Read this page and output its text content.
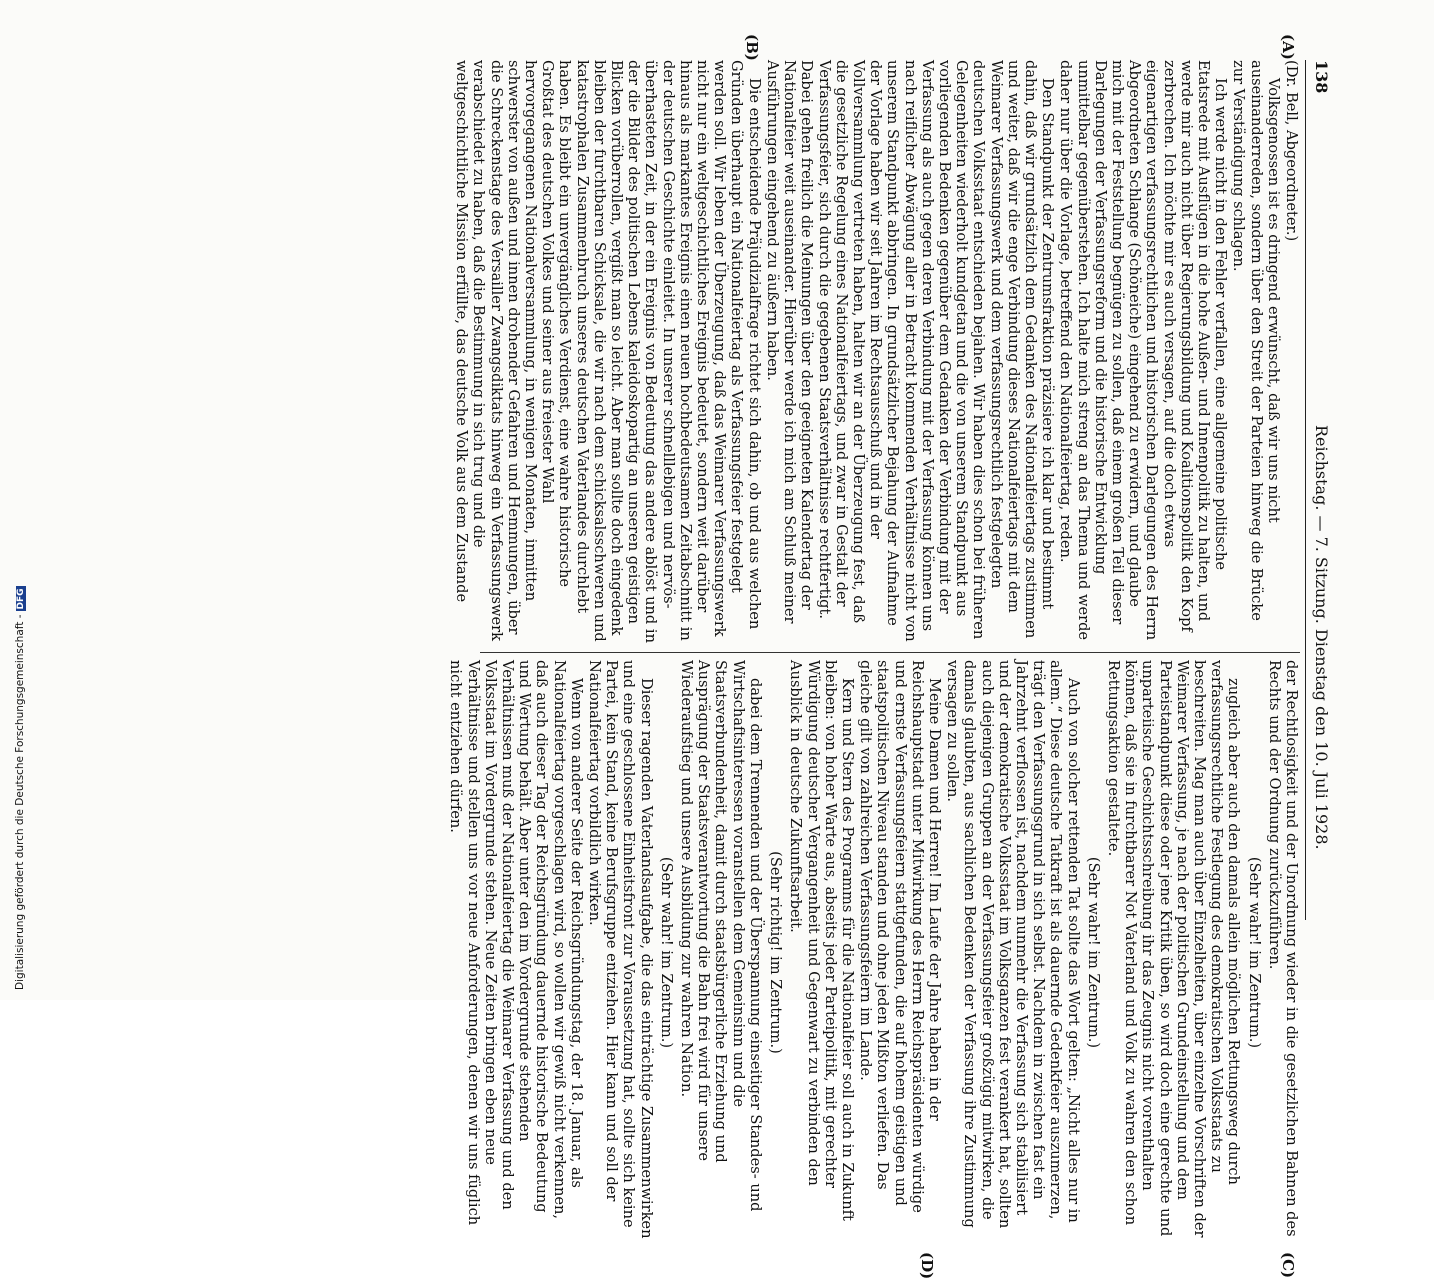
138
Reichstag. — 7. Sitzung. Dienstag den 10. Juli 1928.
(A)
(B)
(C)
(D)

(Dr. Bell, Abgeordneter.)

Volksgenossen ist es dringend erwünscht, daß wir uns nicht auseinanderreden, sondern über den Streit der Parteien hinweg die Brücke zur Verständigung schlagen.

Ich werde nicht in den Fehler verfallen, eine allgemeine politische Etatsrede mit Ausflügen in die hohe Außen- und Innenpolitik zu halten, und werde mir auch nicht über Regierungsbildung und Koalitionspolitik den Kopf zerbrechen. Ich möchte mir es auch versagen, auf die doch etwas eigenartigen verfassungsrechtlichen und historischen Darlegungen des Herrn Abgeordneten Schlange (Schöneiche) eingehend zu erwidern, und glaube mich mit der Feststellung begnügen zu sollen, daß einem großen Teil dieser Darlegungen der Verfassungsreform und die historische Entwicklung unmittelbar gegenüberstehen. Ich halte mich streng an das Thema und werde daher nur über die Vorlage, betreffend den Nationalfeiertag, reden.

Den Standpunkt der Zentrumsfraktion präzisiere ich klar und bestimmt dahin, daß wir grundsätzlich dem Gedanken des Nationalfeiertags zustimmen und weiter, daß wir die enge Verbindung dieses Nationalfeiertags mit dem Weimarer Verfassungswerk und dem verfassungsrechtlich festgelegten deutschen Volksstaat entschieden bejahen. Wir haben dies schon bei früheren Gelegenheiten wiederholt kundgetan und die von unserem Standpunkt aus vorliegenden Bedenken gegenüber dem Gedanken der Verbindung mit der Verfassung als auch gegen deren Verbindung mit der Verfassung können uns nach reiflicher Abwägung aller in Betracht kommenden Verhältnisse nicht von unserem Standpunkt abbringen. In grundsätzlicher Bejahung der Aufnahme der Vorlage haben wir seit Jahren im Rechtsausschuß und in der Vollversammlung vertreten haben, halten wir an der Überzeugung fest, daß die gesetzliche Regelung eines Nationalfeiertags, und zwar in Gestalt der Verfassungsfeier, sich durch die gegebenen Staatsverhältnisse rechtfertigt. Dabei gehen freilich die Meinungen über den geeigneten Kalendertag der Nationalfeier weit auseinander. Hierüber werde ich mich am Schluß meiner Ausführungen eingehend zu äußern haben.

Die entscheidende Präjudizialfrage richtet sich dahin, ob und aus welchen Gründen überhaupt ein Nationalfeiertag als Verfassungsfeier festgelegt werden soll. Wir leben der Überzeugung, daß das Weimarer Verfassungswerk nicht nur ein weltgeschichtliches Ereignis bedeutet, sondern weit darüber hinaus als markantes Ereignis einen neuen hochbedeutsamen Zeitabschnitt in der deutschen Geschichte einleitet. In unserer schnelllebigen und nervös-überhasteten Zeit, in der ein Ereignis von Bedeutung das andere ablöst und in der die Bilder des politischen Lebens kaleidoskopartig an unseren geistigen Blicken vorüberrollen, vergißt man so leicht. Aber man sollte doch eingedenk bleiben der furchtbaren Schicksale, die wir nach dem schicksalsschweren und katastrophalen Zusammenbruch unseres deutschen Vaterlandes durchlebt haben. Es bleibt ein unvergängliches Verdienst, eine wahre historische Großtat des deutschen Volkes und seiner aus freiester Wahl hervorgegangenen Nationalversammlung, in wenigen Monaten, inmitten schwerster von außen und innen drohender Gefahren und Hemmungen, über die Schreckenstage des Versailler Zwangsdiktats hinweg ein Verfassungswerk verabschiedet zu haben, daß die Bestimmung in sich trug und die weltgeschichtliche Mission erfüllte, das deutsche Volk aus dem Zustande

der Rechtlosigkeit und der Unordnung wieder in die gesetzlichen Bahnen des Rechts und der Ordnung zurückzuführen.

(Sehr wahr! im Zentrum.)

zugleich aber auch den damals allein möglichen Rettungsweg durch verfassungsrechtliche Festlegung des demokratischen Volksstaats zu beschreiten. Mag man auch über Einzelheiten, über einzelne Vorschriften der Weimarer Verfassung, je nach der politischen Grundeinstellung und dem Parteistandpunkt diese oder jene Kritik üben, so wird doch eine gerechte und unparteiische Geschichtsschreibung ihr das Zeugnis nicht vorenthalten können, daß sie in furchtbarer Not Vaterland und Volk zu wahren den schon Rettungsaktion gestaltete.

(Sehr wahr! im Zentrum.)

Auch von solcher rettenden Tat sollte das Wort gelten: „Nicht alles nur in allem.“ Diese deutsche Tatkraft ist als dauernde Gedenkfeier auszumerzen, trägt den Verfassungsgrund in sich selbst. Nachdem in zwischen fast ein Jahrzehnt verflossen ist, nachdem nunmehr die Verfassung sich stabilisiert und der demokratische Volksstaat im Volksganzen fest verankert hat, sollten auch diejenigen Gruppen an der Verfassungsfeier großzügig mitwirken, die damals glaubten, aus sachlichen Bedenken der Verfassung ihre Zustimmung versagen zu sollen.

Meine Damen und Herren! Im Laufe der Jahre haben in der Reichshauptstadt unter Mitwirkung des Herrn Reichspräsidenten würdige und ernste Verfassungsfeiern stattgefunden, die auf hohem geistigen und staatspolitischen Niveau standen und ohne jeden Mißton verliefen. Das gleiche gilt von zahlreichen Verfassungsfeiern im Lande.

Kern und Stern des Programms für die Nationalfeier soll auch in Zukunft bleiben: von hoher Warte aus, abseits jeder Parteipolitik, mit gerechter Würdigung deutscher Vergangenheit und Gegenwart zu verbinden den Ausblick in deutsche Zukunftsarbeit.

(Sehr richtig! im Zentrum.)

dabei dem Trennenden und der Überspannung einseitiger Standes- und Wirtschaftsinteressen voranstellen dem Gemeinsinn und die Staatsverbundenheit, damit durch staatsbürgerliche Erziehung und Ausprägung der Staatsverantwortung die Bahn frei wird für unsere Wiederaufstieg und unsere Ausbildung zur wahren Nation.

(Sehr wahr! im Zentrum.)

Dieser ragenden Vaterlandsaufgabe, die das einträchtige Zusammenwirken und eine geschlossene Einheitsfront zur Voraussetzung hat, sollte sich keine Partei, kein Stand, keine Berufsgruppe entziehen. Hier kann und soll der Nationalfeiertag vorbildlich wirken.

Wenn von anderer Seite der Reichsgründungstag, der 18. Januar, als Nationalfeiertag vorgeschlagen wird, so wollen wir gewiß nicht verkennen, daß auch dieser Tag der Reichsgründung dauernde historische Bedeutung und Wertung behält. Aber unter den im Vordergrunde stehenden Verhältnissen muß der Nationalfeiertag die Weimarer Verfassung und den Volksstaat im Vordergrunde stehen. Neue Zeiten bringen eben neue Verhältnisse und stellen uns vor neue Anforderungen, denen wir uns füglich nicht entziehen dürfen.

Digitalisierung gefördert durch die Deutsche Forschungsgemeinschaft -DFG
